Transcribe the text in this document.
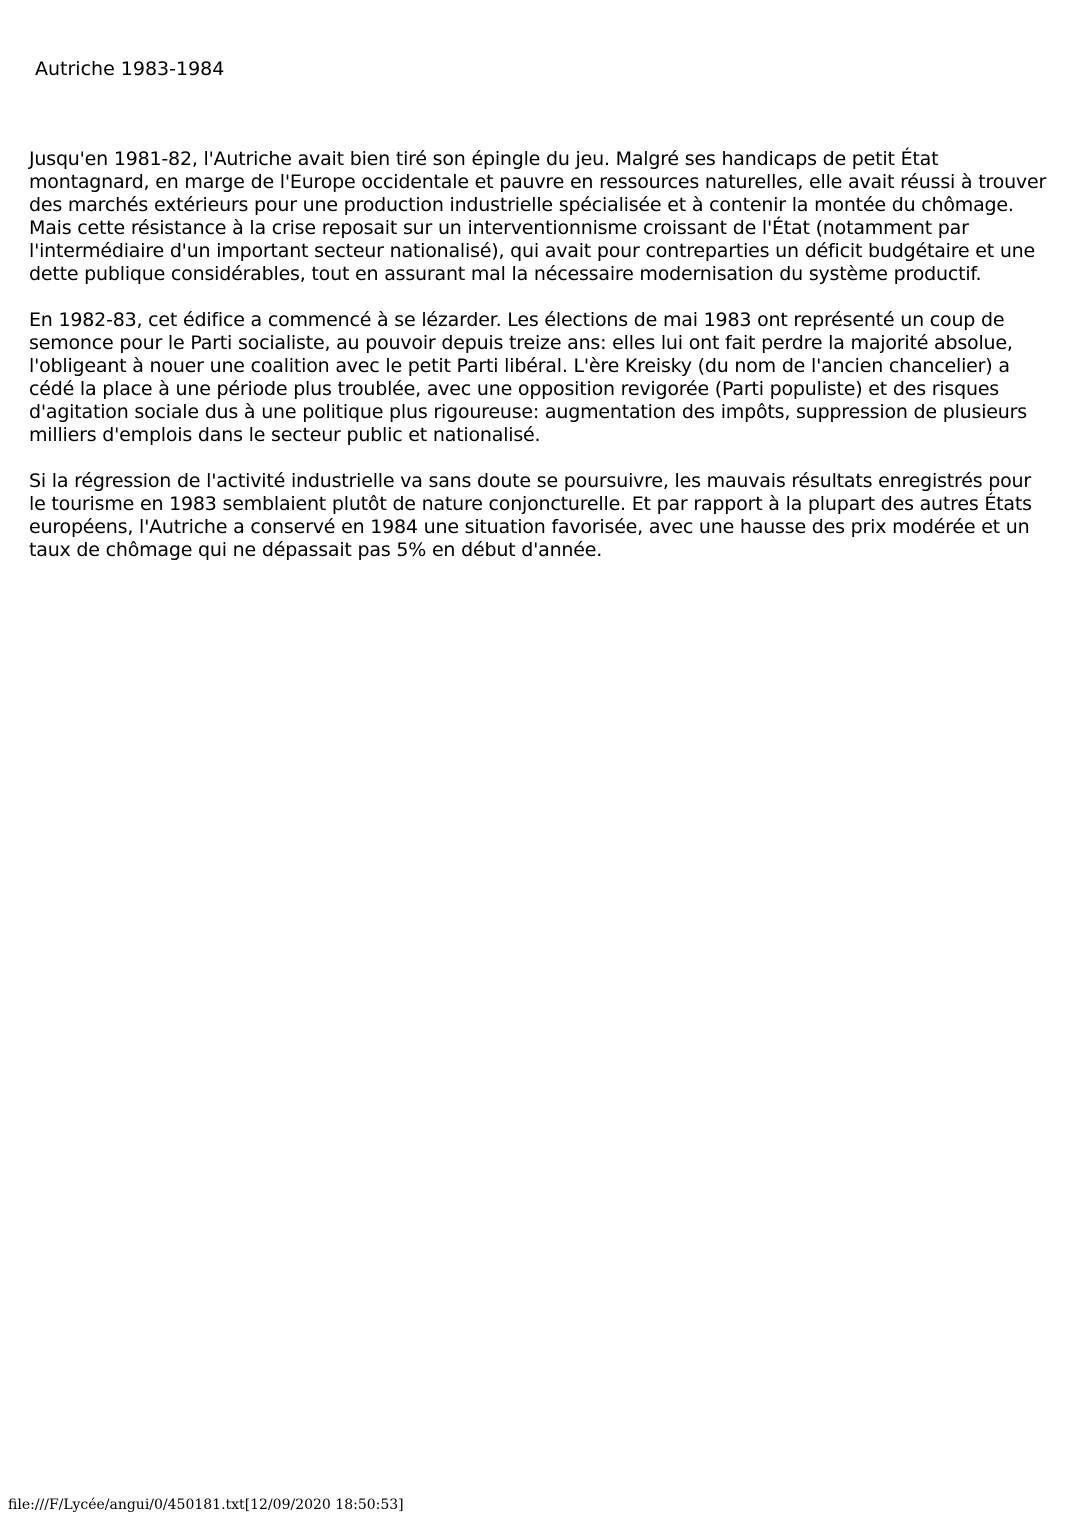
Autriche 1983-1984

Jusqu'en 1981-82, l'Autriche avait bien tiré son épingle du jeu. Malgré ses handicaps de petit État montagnard, en marge de l'Europe occidentale et pauvre en ressources naturelles, elle avait réussi à trouver des marchés extérieurs pour une production industrielle spécialisée et à contenir la montée du chômage. Mais cette résistance à la crise reposait sur un interventionnisme croissant de l'État (notamment par l'intermédiaire d'un important secteur nationalisé), qui avait pour contreparties un déficit budgétaire et une dette publique considérables, tout en assurant mal la nécessaire modernisation du système productif.

En 1982-83, cet édifice a commencé à se lézarder. Les élections de mai 1983 ont représenté un coup de semonce pour le Parti socialiste, au pouvoir depuis treize ans: elles lui ont fait perdre la majorité absolue, l'obligeant à nouer une coalition avec le petit Parti libéral. L'ère Kreisky (du nom de l'ancien chancelier) a cédé la place à une période plus troublée, avec une opposition revigorée (Parti populiste) et des risques d'agitation sociale dus à une politique plus rigoureuse: augmentation des impôts, suppression de plusieurs milliers d'emplois dans le secteur public et nationalisé.

Si la régression de l'activité industrielle va sans doute se poursuivre, les mauvais résultats enregistrés pour le tourisme en 1983 semblaient plutôt de nature conjoncturelle. Et par rapport à la plupart des autres États européens, l'Autriche a conservé en 1984 une situation favorisée, avec une hausse des prix modérée et un taux de chômage qui ne dépassait pas 5% en début d'année.

file:///F/Lycée/angui/0/450181.txt[12/09/2020 18:50:53]
